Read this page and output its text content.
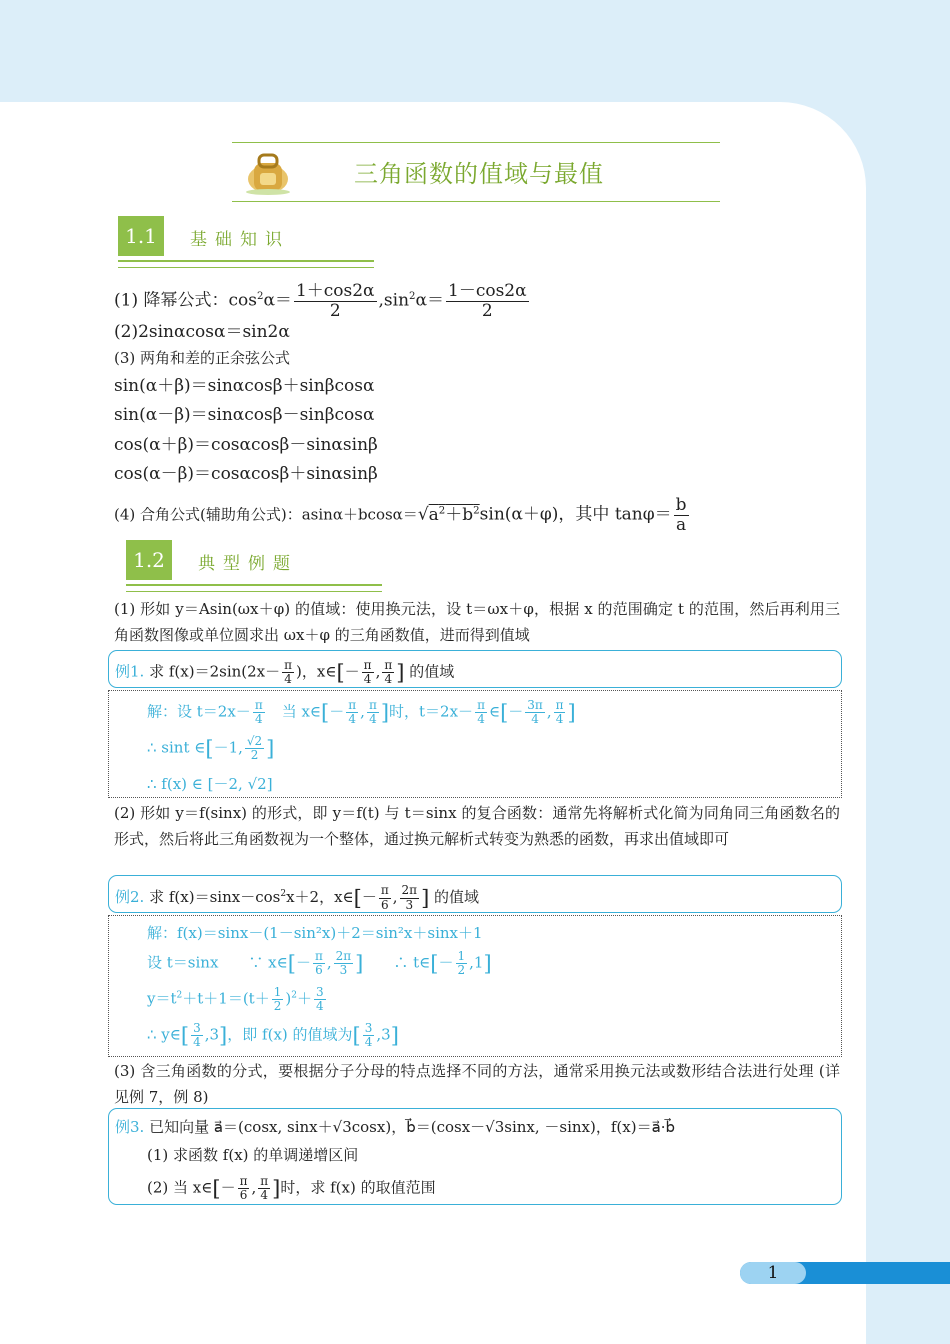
三角函数的值域与最值
1.1	基础知识
(1) 降幂公式：$\cos^2\alpha= \frac{1+\cos 2\alpha}{2} ,\sin^2\alpha= \frac{1-\cos 2\alpha}{2}$
(2)2sinαcosα＝sin2α
(3) 两角和差的正余弦公式
sin(α＋β)＝sinαcosβ＋sinβcosα
sin(α－β)＝sinαcosβ－sinβcosα
cos(α＋β)＝cosαcosβ－sinαsinβ
cos(α－β)＝cosαcosβ＋sinαsinβ
(4) 合角公式(辅助角公式)：$asin\alpha+bcos\alpha=√a^2+b^2\sin(\alpha+\varphi)$，其中 $\tan\varphi= \frac{b}{a}$
1.2	典型例题
(1) 形如 y＝Asin(ωx＋φ) 的值域：使用换元法，设 t＝ωx＋φ，根据 x 的范围确定 t 的范围，然后再利用三角函数图像或单位圆求出 ωx＋φ 的三角函数值，进而得到值域
例1. 求 $f(x)=2\sin(2x- \frac{\pi}{4}$ )，x∈[－ $\frac{\pi}{4}$ , $\frac{\pi}{4}$ ] 的值域
解：设 $t=2x- \frac{\pi}{4}$ 　当 x∈[－ $\frac{\pi}{4}$ , $\frac{\pi}{4}$ ]时，$t=2x- \frac{\pi}{4}$ ∈[－ $\frac{3\pi}{4}$ , $\frac{\pi}{4}$ ]
∴ sint ∈[－1, $\frac{√2}{2}$ ]
∴ f(x) ∈ [－2, √2]
(2) 形如 y＝f(sinx) 的形式，即 y＝f(t) 与 t＝sinx 的复合函数：通常先将解析式化简为同角同三角函数名的形式，然后将此三角函数视为一个整体，通过换元解析式转变为熟悉的函数，再求出值域即可
例2. 求 $f(x)=\sin x-\cos^2x+2$，x∈[－ $\frac{\pi}{6}$ , $\frac{2\pi}{3}$ ] 的值域
解：f(x)＝sinx－(1－sin²x)＋2＝sin²x＋sinx＋1
设 t＝sinx　　∵ x∈[－ $\frac{\pi}{6}$ , $\frac{2\pi}{3}$ ]　　∴ t∈[－ $\frac{1}{2} ,1$]
$y=t^2+t+1=(t+ \frac{1}{2} )^2+ \frac{3}{4}$
∴ y∈[ $\frac{3}{4} ,3$]，即 f(x) 的值域为[ $\frac{3}{4} ,3$]
(3) 含三角函数的分式，要根据分子分母的特点选择不同的方法，通常采用换元法或数形结合法进行处理 (详见例 7，例 8)
例3. 已知向量 a⃗＝(cosx, sinx＋√3cosx)，b⃗＝(cosx－√3sinx, －sinx)，f(x)＝a⃗·b⃗
(1) 求函数 f(x) 的单调递增区间
(2) 当 x∈[－ $\frac{\pi}{6}$ , $\frac{\pi}{4}$ ]时，求 f(x) 的取值范围
1
